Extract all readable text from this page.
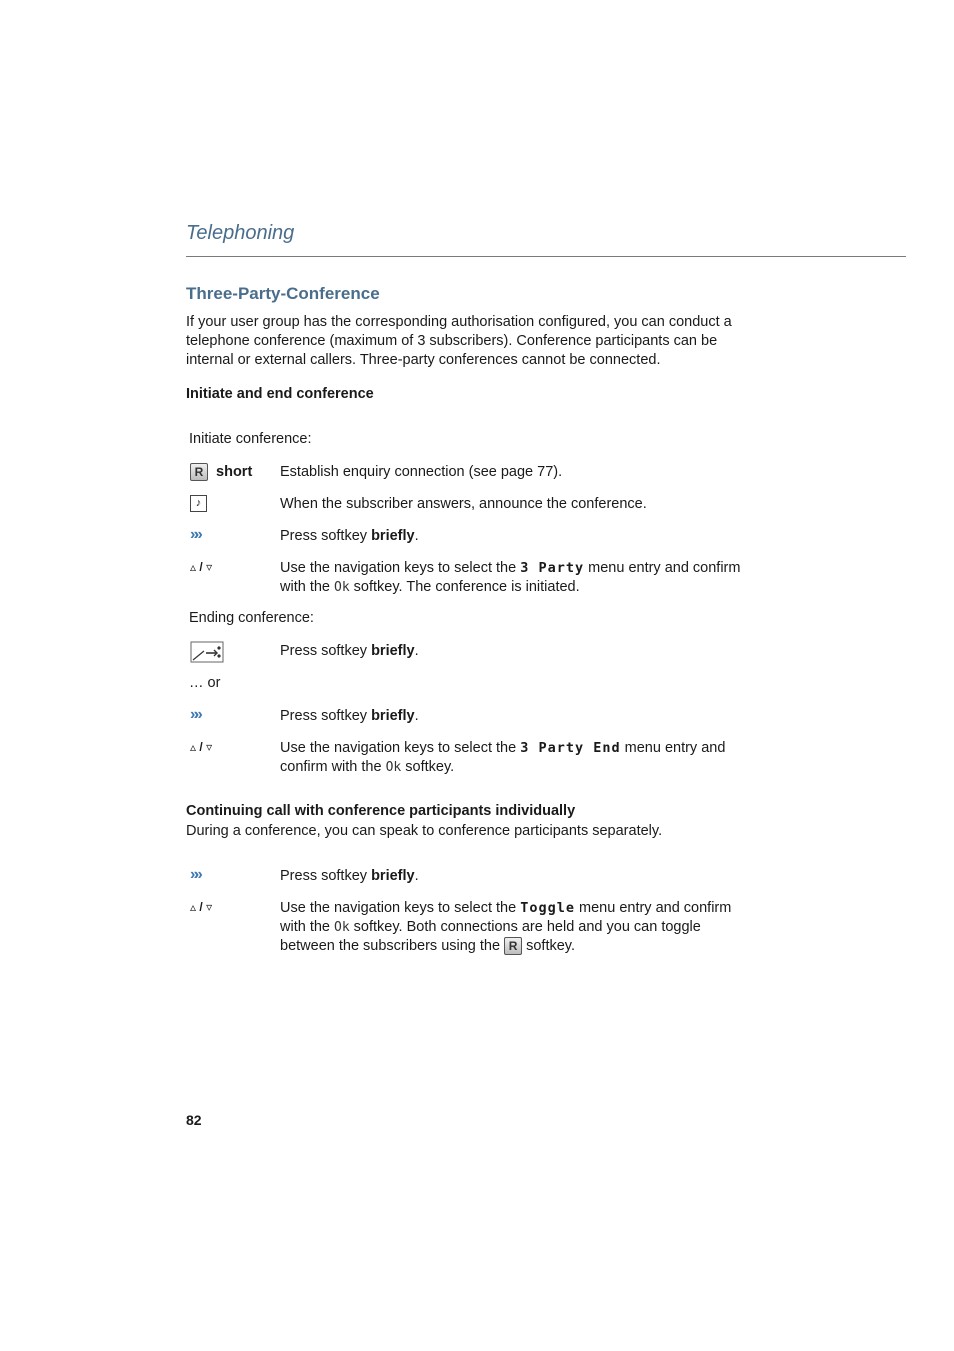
Telephoning
Three-Party-Conference
If your user group has the corresponding authorisation configured, you can conduct a
telephone conference (maximum of 3 subscribers). Conference participants can be
internal or external callers. Three-party conferences cannot be connected.
Initiate and end conference
Initiate conference:
R short Establish enquiry connection (see page 77).
♪	When the subscriber answers, announce the conference.
»»	Press softkey briefly.
▵ / ▿	Use the navigation keys to select the 3 Party menu entry and confirm
with the Ok softkey. The conference is initiated.
Ending conference:
Press softkey briefly.
… or
»»	Press softkey briefly.
▵ / ▿	Use the navigation keys to select the 3 Party End menu entry and
confirm with the Ok softkey.
Continuing call with conference participants individually
During a conference, you can speak to conference participants separately.
»»	Press softkey briefly.
▵ / ▿	Use the navigation keys to select the Toggle menu entry and confirm
with the Ok softkey. Both connections are held and you can toggle
between the subscribers using the R softkey.
82
